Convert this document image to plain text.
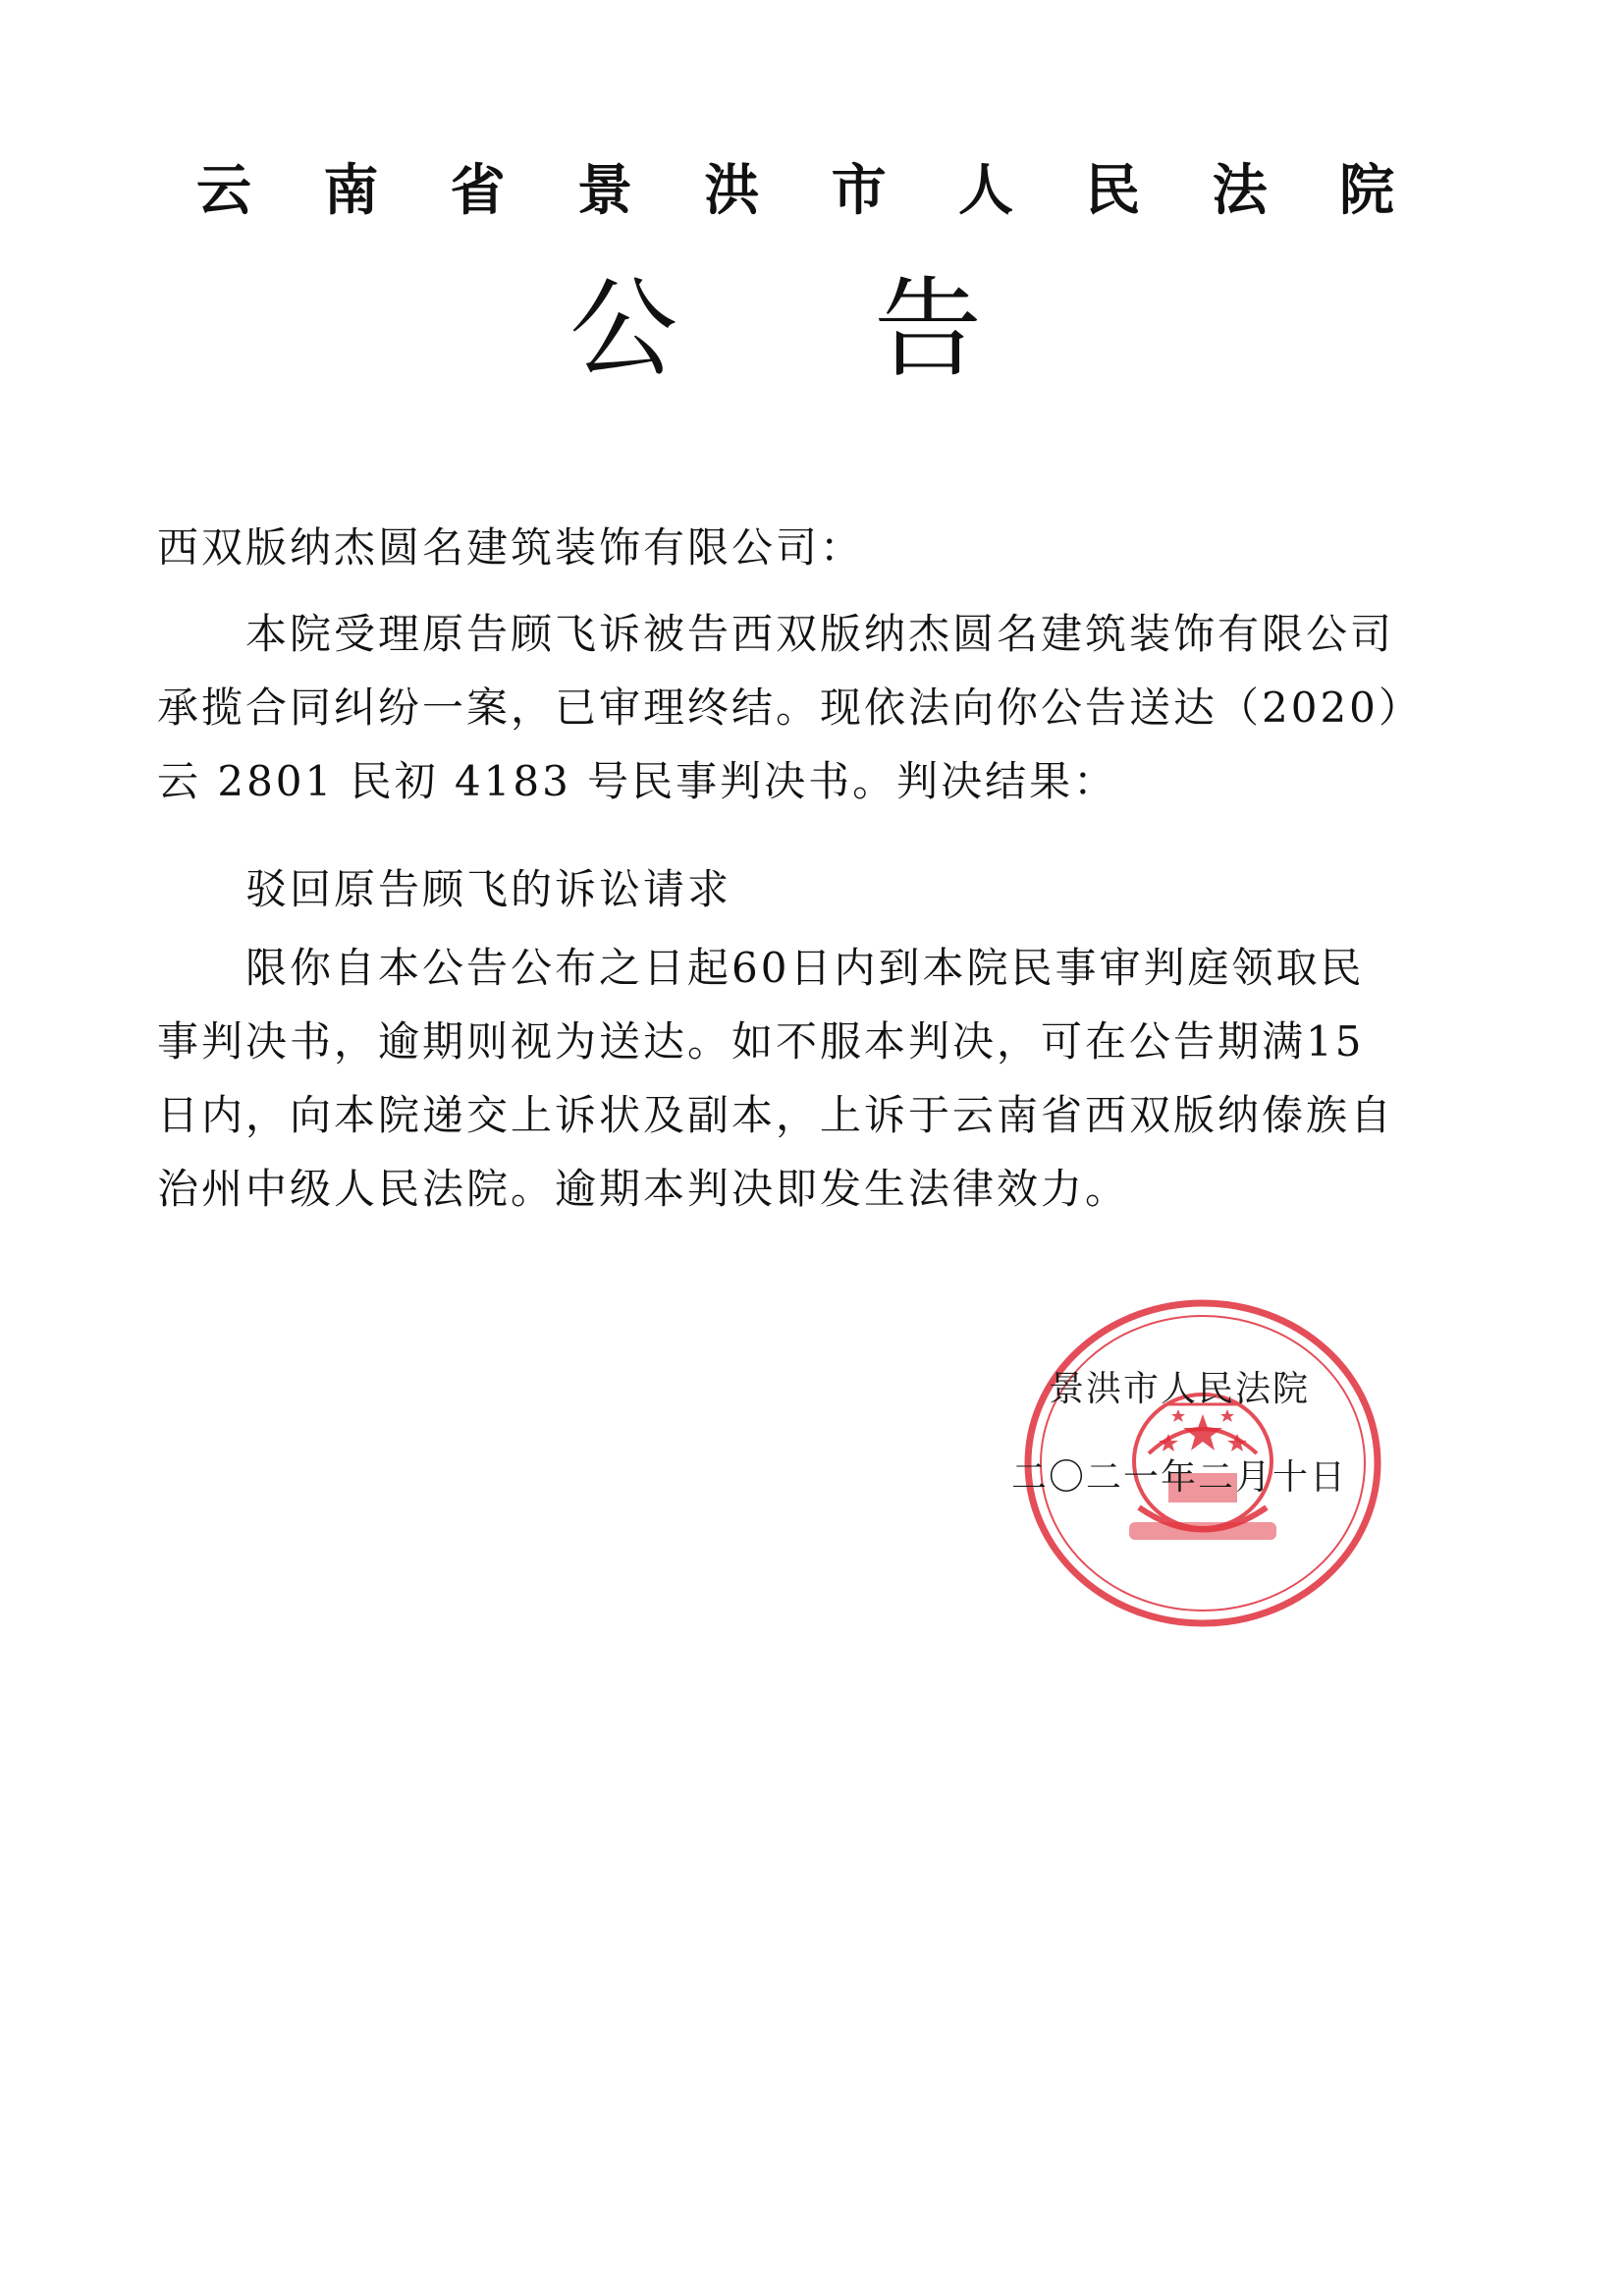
云 南 省 景 洪 市 人 民 法 院
公 告
西双版纳杰圆名建筑装饰有限公司：
本院受理原告顾飞诉被告西双版纳杰圆名建筑装饰有限公司承揽合同纠纷一案，已审理终结。现依法向你公告送达（2020）云 2801 民初 4183 号民事判决书。判决结果：
驳回原告顾飞的诉讼请求
限你自本公告公布之日起60日内到本院民事审判庭领取民事判决书，逾期则视为送达。如不服本判决，可在公告期满15日内，向本院递交上诉状及副本，上诉于云南省西双版纳傣族自治州中级人民法院。逾期本判决即发生法律效力。
景洪市人民法院
二〇二一年二月十日
